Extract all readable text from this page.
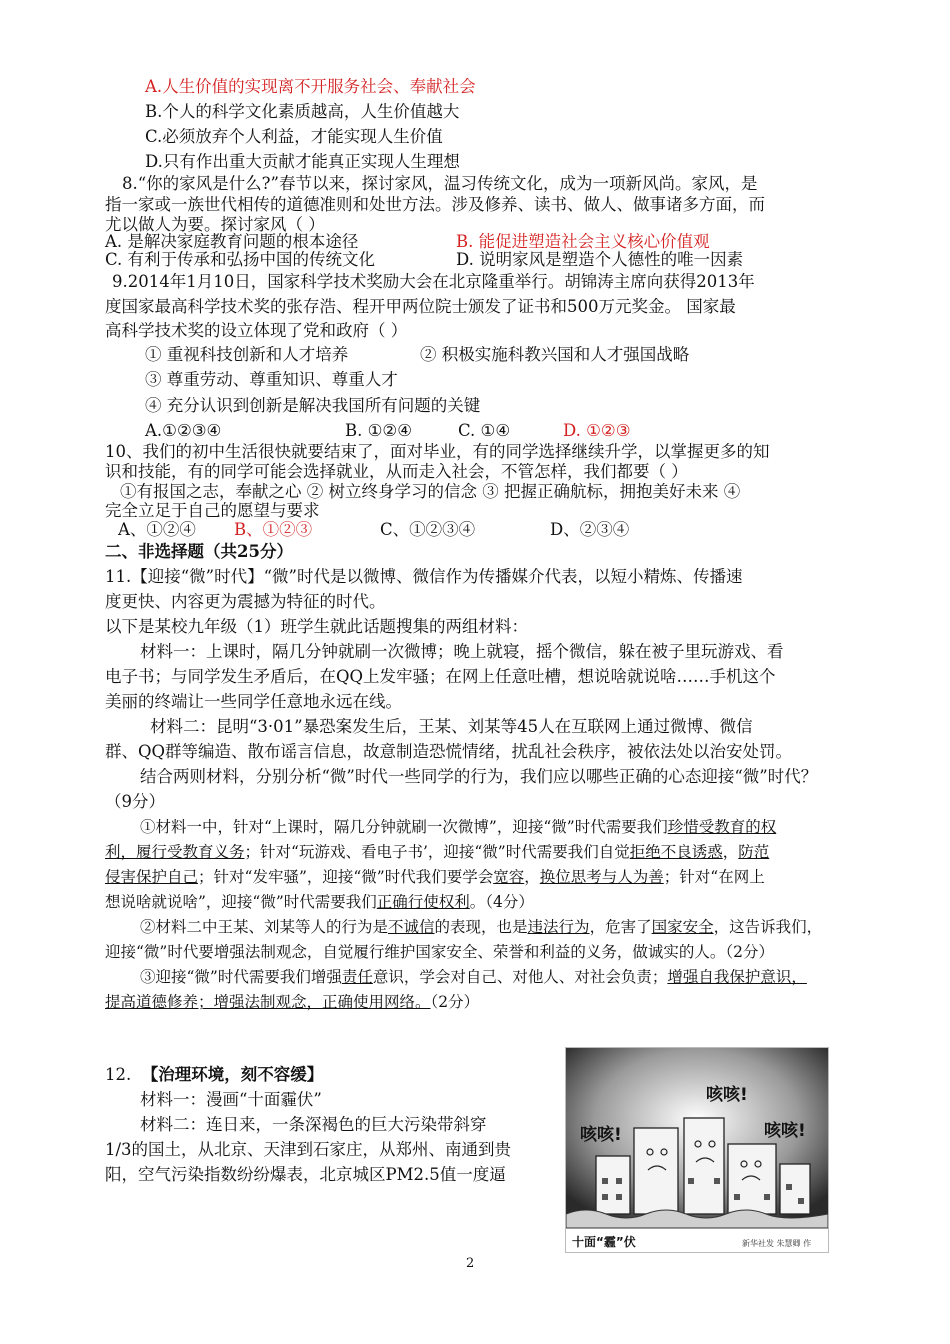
A.人生价值的实现离不开服务社会、奉献社会
B.个人的科学文化素质越高，人生价值越大
C.必须放弃个人利益，才能实现人生价值
D.只有作出重大贡献才能真正实现人生理想
8.“你的家风是什么?”春节以来，探讨家风，温习传统文化，成为一项新风尚。家风，是
指一家或一族世代相传的道德准则和处世方法。涉及修养、读书、做人、做事诸多方面，而
尤以做人为要。探讨家风（ ）
A. 是解决家庭教育问题的根本途径	B. 能促进塑造社会主义核心价值观
C. 有利于传承和弘扬中国的传统文化	D. 说明家风是塑造个人德性的唯一因素
9.2014年1月10日，国家科学技术奖励大会在北京隆重举行。胡锦涛主席向获得2013年
度国家最高科学技术奖的张存浩、程开甲两位院士颁发了证书和500万元奖金。 国家最
高科学技术奖的设立体现了党和政府（ ）
① 重视科技创新和人才培养	② 积极实施科教兴国和人才强国战略
③ 尊重劳动、尊重知识、尊重人才
④ 充分认识到创新是解决我国所有问题的关键
A.①②③④	B. ①②④	C. ①④	D. ①②③
10、我们的初中生活很快就要结束了，面对毕业，有的同学选择继续升学，以掌握更多的知
识和技能，有的同学可能会选择就业，从而走入社会，不管怎样，我们都要（ ）
①有报国之志，奉献之心 ② 树立终身学习的信念 ③ 把握正确航标，拥抱美好未来 ④
完全立足于自己的愿望与要求
A、①②④ B、①②③	C、①②③④	D、②③④
二、非选择题（共25分）
11.【迎接“微”时代】“微”时代是以微博、微信作为传播媒介代表，以短小精炼、传播速
度更快、内容更为震撼为特征的时代。
以下是某校九年级（1）班学生就此话题搜集的两组材料：
材料一：上课时，隔几分钟就刷一次微博；晚上就寝，摇个微信，躲在被子里玩游戏、看
电子书；与同学发生矛盾后，在QQ上发牢骚；在网上任意吐槽，想说啥就说啥……手机这个
美丽的终端让一些同学任意地永远在线。
材料二：昆明“3·01”暴恐案发生后，王某、刘某等45人在互联网上通过微博、微信
群、QQ群等编造、散布谣言信息，故意制造恐慌情绪，扰乱社会秩序，被依法处以治安处罚。
结合两则材料，分别分析“微”时代一些同学的行为，我们应以哪些正确的心态迎接“微”时代？
（9分）
①材料一中，针对“上课时，隔几分钟就刷一次微博”，迎接“微”时代需要我们珍惜受教育的权
利，履行受教育义务；针对“玩游戏、看电子书’，迎接“微”时代需要我们自觉拒绝不良诱惑，防范
侵害保护自己；针对“发牢骚”，迎接“微”时代我们要学会宽容，换位思考与人为善；针对“在网上
想说啥就说啥”，迎接“微”时代需要我们正确行使权利。（4分）
②材料二中王某、刘某等人的行为是不诚信的表现，也是违法行为，危害了国家安全，这告诉我们，
迎接“微”时代要增强法制观念，自觉履行维护国家安全、荣誉和利益的义务，做诚实的人。（2分）
③迎接“微”时代需要我们增强责任意识，学会对自己、对他人、对社会负责；增强自我保护意识，
提高道德修养；增强法制观念，正确使用网络。（2分）
12. 【治理环境，刻不容缓】
材料一：漫画“十面霾伏”
材料二：连日来，一条深褐色的巨大污染带斜穿
1/3的国土，从北京、天津到石家庄，从郑州、南通到贵
阳，空气污染指数纷纷爆表，北京城区PM2.5值一度逼
咳咳!
咳咳!	咳咳!
十面“霾”伏	新华社发 朱慧卿 作
2
